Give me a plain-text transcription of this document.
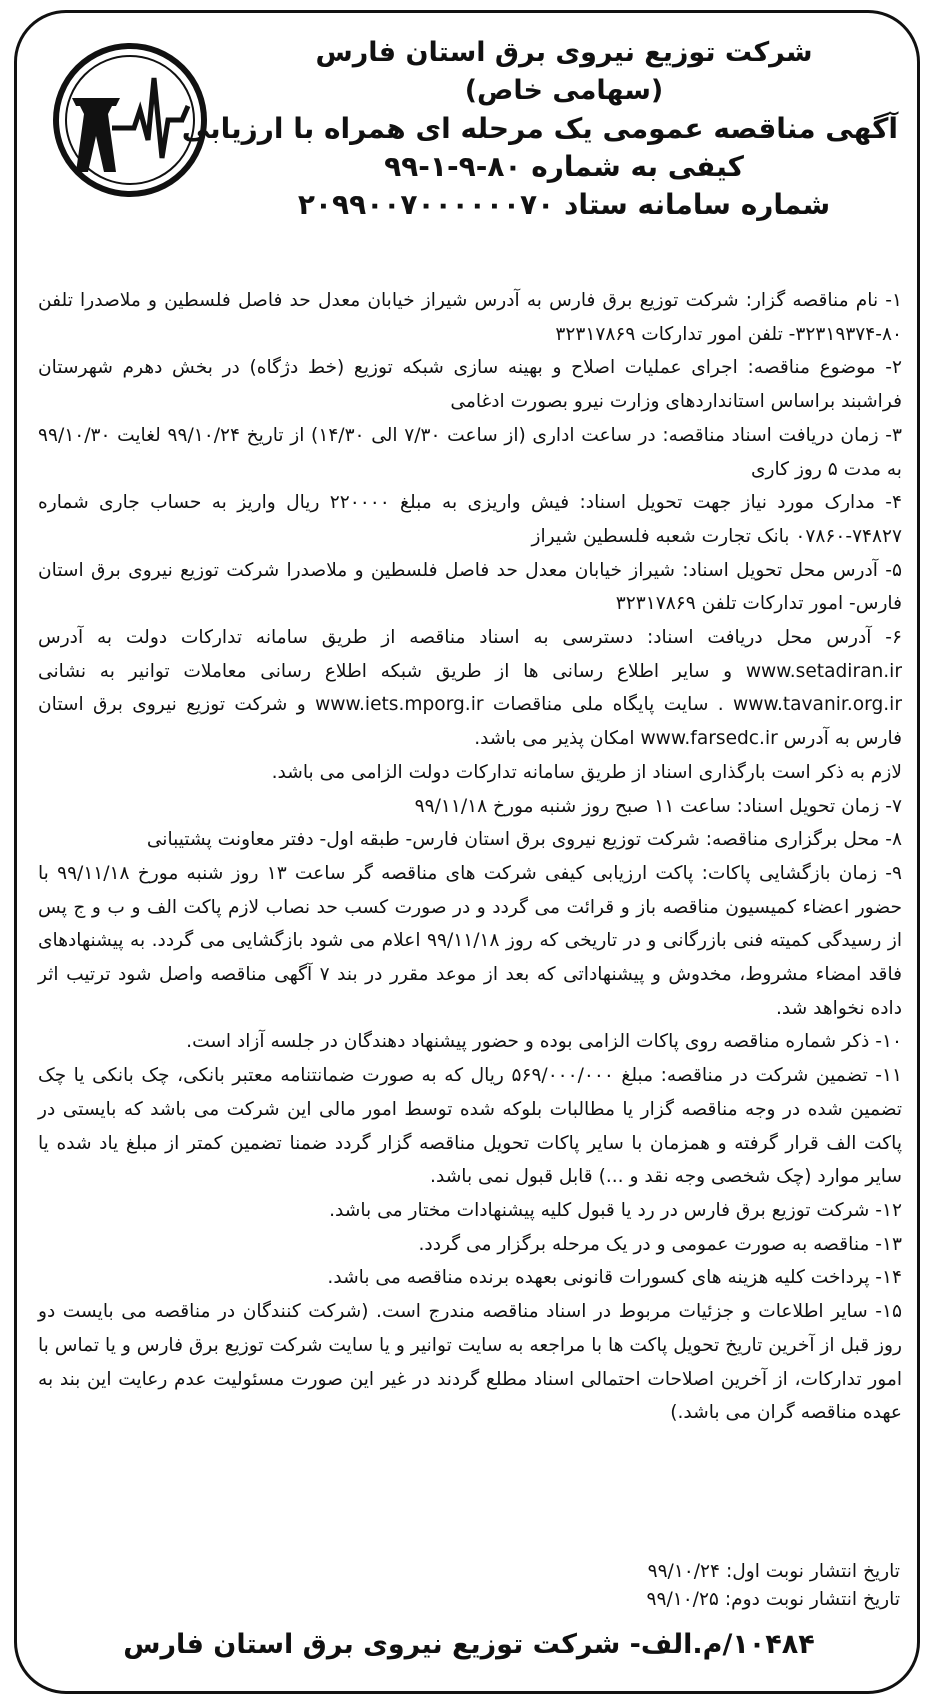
شرکت توزیع نیروی برق استان فارس

(سهامی خاص)

آگهی مناقصه عمومی یک مرحله ای همراه با ارزیابی

کیفی به شماره ۸۰-۹-۱-۹۹

شماره سامانه ستاد ۲۰۹۹۰۰۷۰۰۰۰۰۰۷۰

۱- نام مناقصه گزار: شرکت توزیع برق فارس به آدرس شیراز خیابان معدل حد فاصل فلسطین و ملاصدرا تلفن ۸۰-۳۲۳۱۹۳۷۴- تلفن امور تدارکات ۳۲۳۱۷۸۶۹

۲- موضوع مناقصه: اجرای عملیات اصلاح و بهینه سازی شبکه توزیع (خط دژگاه) در بخش دهرم شهرستان فراشبند براساس استانداردهای وزارت نیرو بصورت ادغامی

۳- زمان دریافت اسناد مناقصه: در ساعت اداری (از ساعت ۷/۳۰ الی ۱۴/۳۰) از تاریخ ۹۹/۱۰/۲۴ لغایت ۹۹/۱۰/۳۰ به مدت ۵ روز کاری

۴- مدارک مورد نیاز جهت تحویل اسناد: فیش واریزی به مبلغ ۲۲۰۰۰۰ ریال واریز به حساب جاری شماره ۷۴۸۲۷-۰۷۸۶۰ بانک تجارت شعبه فلسطین شیراز

۵- آدرس محل تحویل اسناد: شیراز خیابان معدل حد فاصل فلسطین و ملاصدرا شرکت توزیع نیروی برق استان فارس- امور تدارکات تلفن ۳۲۳۱۷۸۶۹

۶- آدرس محل دریافت اسناد: دسترسی به اسناد مناقصه از طریق سامانه تدارکات دولت به آدرس www.setadiran.ir و سایر اطلاع رسانی ها از طریق شبکه اطلاع رسانی معاملات توانیر به نشانی www.tavanir.org.ir . سایت پایگاه ملی مناقصات www.iets.mporg.ir و شرکت توزیع نیروی برق استان فارس به آدرس www.farsedc.ir امکان پذیر می باشد.

لازم به ذکر است بارگذاری اسناد از طریق سامانه تدارکات دولت الزامی می باشد.

۷- زمان تحویل اسناد: ساعت ۱۱ صبح روز شنبه مورخ ۹۹/۱۱/۱۸

۸- محل برگزاری مناقصه: شرکت توزیع نیروی برق استان فارس- طبقه اول- دفتر معاونت پشتیبانی

۹- زمان بازگشایی پاکات: پاکت ارزیابی کیفی شرکت های مناقصه گر ساعت ۱۳ روز شنبه مورخ ۹۹/۱۱/۱۸ با حضور اعضاء کمیسیون مناقصه باز و قرائت می گردد و در صورت کسب حد نصاب لازم پاکت الف و ب و ج پس از رسیدگی کمیته فنی بازرگانی و در تاریخی که روز ۹۹/۱۱/۱۸ اعلام می شود بازگشایی می گردد. به پیشنهادهای فاقد امضاء مشروط، مخدوش و پیشنهاداتی که بعد از موعد مقرر در بند ۷ آگهی مناقصه واصل شود ترتیب اثر داده نخواهد شد.

۱۰- ذکر شماره مناقصه روی پاکات الزامی بوده و حضور پیشنهاد دهندگان در جلسه آزاد است.

۱۱- تضمین شرکت در مناقصه: مبلغ ۵۶۹/۰۰۰/۰۰۰ ریال که به صورت ضمانتنامه معتبر بانکی، چک بانکی یا چک تضمین شده در وجه مناقصه گزار یا مطالبات بلوکه شده توسط امور مالی این شرکت می باشد که بایستی در پاکت الف قرار گرفته و همزمان با سایر پاکات تحویل مناقصه گزار گردد ضمنا تضمین کمتر از مبلغ یاد شده یا سایر موارد (چک شخصی وجه نقد و ...) قابل قبول نمی باشد.

۱۲- شرکت توزیع برق فارس در رد یا قبول کلیه پیشنهادات مختار می باشد.

۱۳- مناقصه به صورت عمومی و در یک مرحله برگزار می گردد.

۱۴- پرداخت کلیه هزینه های کسورات قانونی بعهده برنده مناقصه می باشد.

۱۵- سایر اطلاعات و جزئیات مربوط در اسناد مناقصه مندرج است. (شرکت کنندگان در مناقصه می بایست دو روز قبل از آخرین تاریخ تحویل پاکت ها با مراجعه به سایت توانیر و یا سایت شرکت توزیع برق فارس و یا تماس با امور تدارکات، از آخرین اصلاحات احتمالی اسناد مطلع گردند در غیر این صورت مسئولیت عدم رعایت این بند به عهده مناقصه گران می باشد.)

تاریخ انتشار نوبت اول: ۹۹/۱۰/۲۴

تاریخ انتشار نوبت دوم: ۹۹/۱۰/۲۵

۱۰۴۸۴/م.الف- شرکت توزیع نیروی برق استان فارس
